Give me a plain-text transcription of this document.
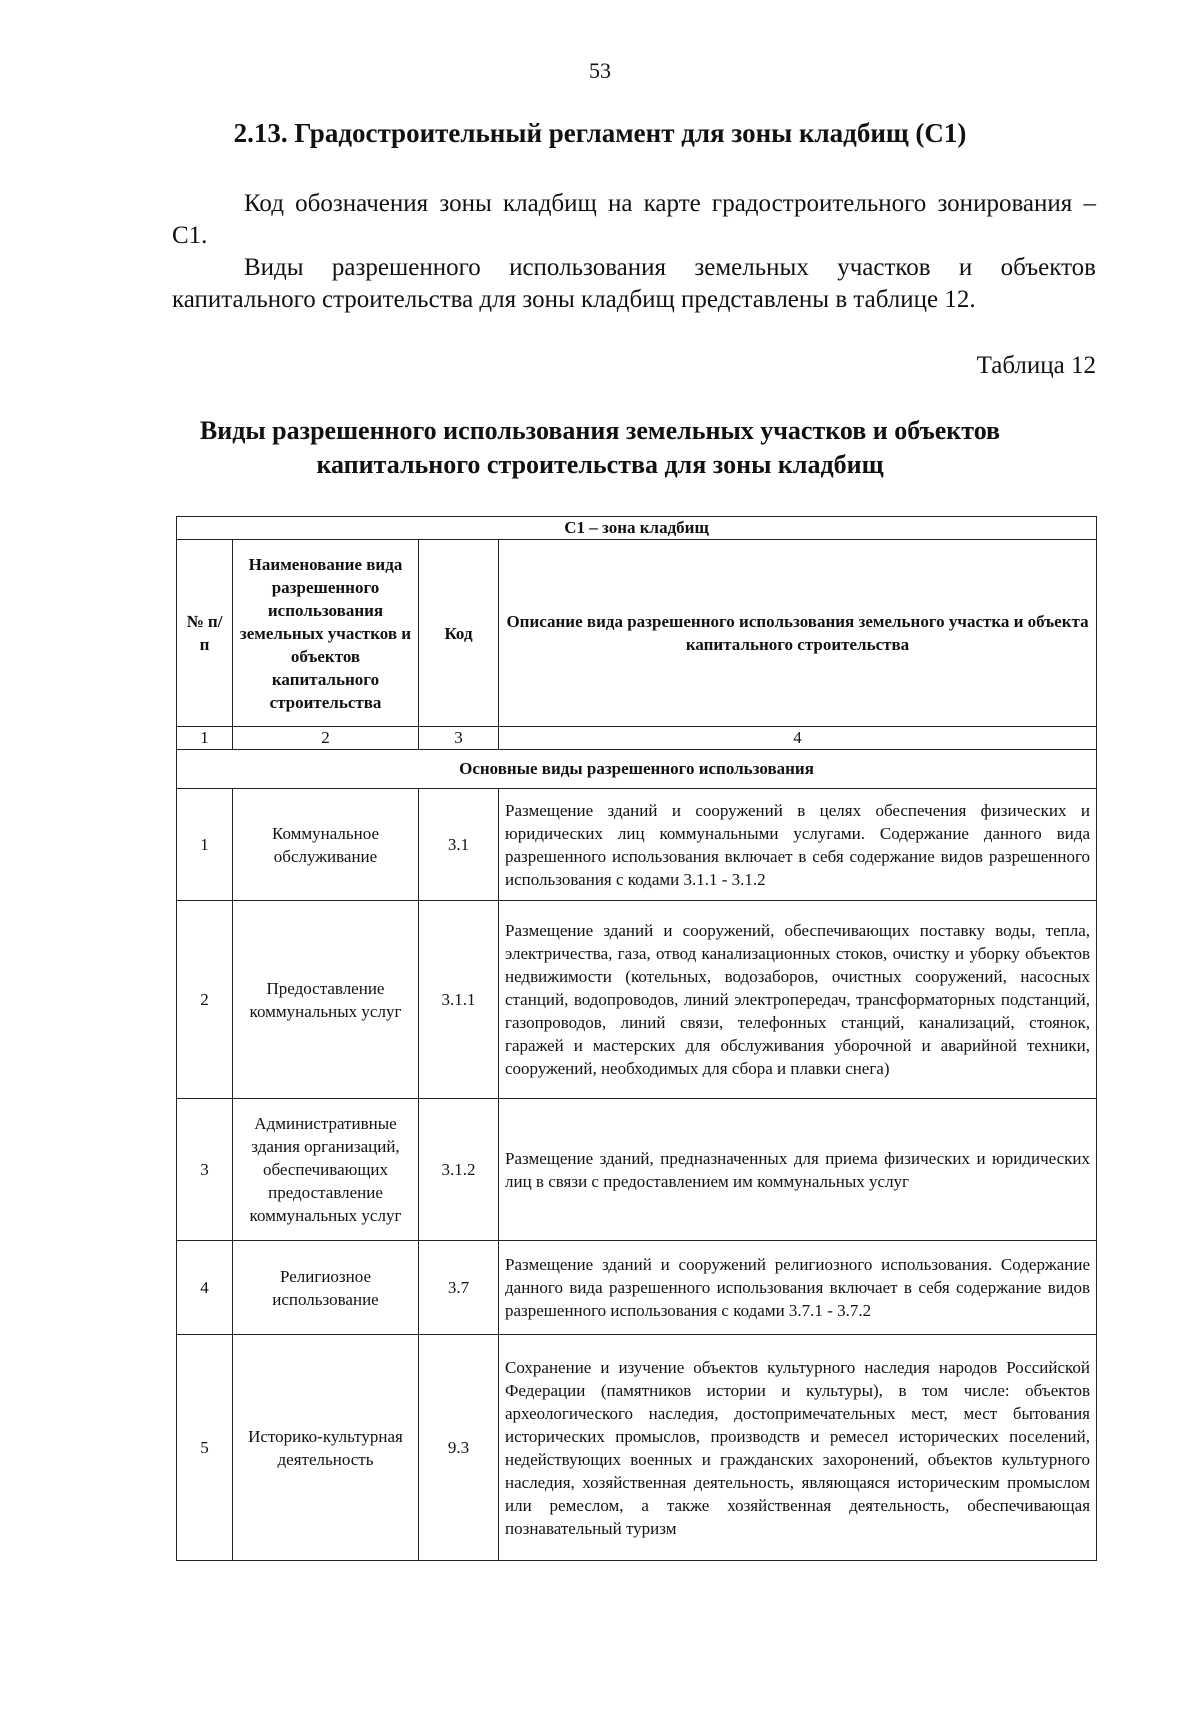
53
2.13. Градостроительный регламент для зоны кладбищ (С1)
Код обозначения зоны кладбищ на карте градостроительного зонирования – С1.
Виды разрешенного использования земельных участков и объектов капитального строительства для зоны кладбищ представлены в таблице 12.
Таблица 12
Виды разрешенного использования земельных участков и объектов
капитального строительства для зоны кладбищ
С1 – зона кладбищ			
№ п/п	Наименование вида разрешенного использования земельных участков и объектов капитального строительства	Код	Описание вида разрешенного использования земельного участка и объекта капитального строительства
1	2	3	4
Основные виды разрешенного использования			
1	Коммунальное обслуживание	3.1	Размещение зданий и сооружений в целях обеспечения физических и юридических лиц коммунальными услугами. Содержание данного вида разрешенного использования включает в себя содержание видов разрешенного использования с кодами 3.1.1 - 3.1.2
2	Предоставление коммунальных услуг	3.1.1	Размещение зданий и сооружений, обеспечивающих поставку воды, тепла, электричества, газа, отвод канализационных стоков, очистку и уборку объектов недвижимости (котельных, водозаборов, очистных сооружений, насосных станций, водопроводов, линий электропередач, трансформаторных подстанций, газопроводов, линий связи, телефонных станций, канализаций, стоянок, гаражей и мастерских для обслуживания уборочной и аварийной техники, сооружений, необходимых для сбора и плавки снега)
3	Административные здания организаций, обеспечивающих предоставление коммунальных услуг	3.1.2	Размещение зданий, предназначенных для приема физических и юридических лиц в связи с предоставлением им коммунальных услуг
4	Религиозное использование	3.7	Размещение зданий и сооружений религиозного использования. Содержание данного вида разрешенного использования включает в себя содержание видов разрешенного использования с кодами 3.7.1 - 3.7.2
5	Историко-культурная деятельность	9.3	Сохранение и изучение объектов культурного наследия народов Российской Федерации (памятников истории и культуры), в том числе: объектов археологического наследия, достопримечательных мест, мест бытования исторических промыслов, производств и ремесел исторических поселений, недействующих военных и гражданских захоронений, объектов культурного наследия, хозяйственная деятельность, являющаяся историческим промыслом или ремеслом, а также хозяйственная деятельность, обеспечивающая познавательный туризм
